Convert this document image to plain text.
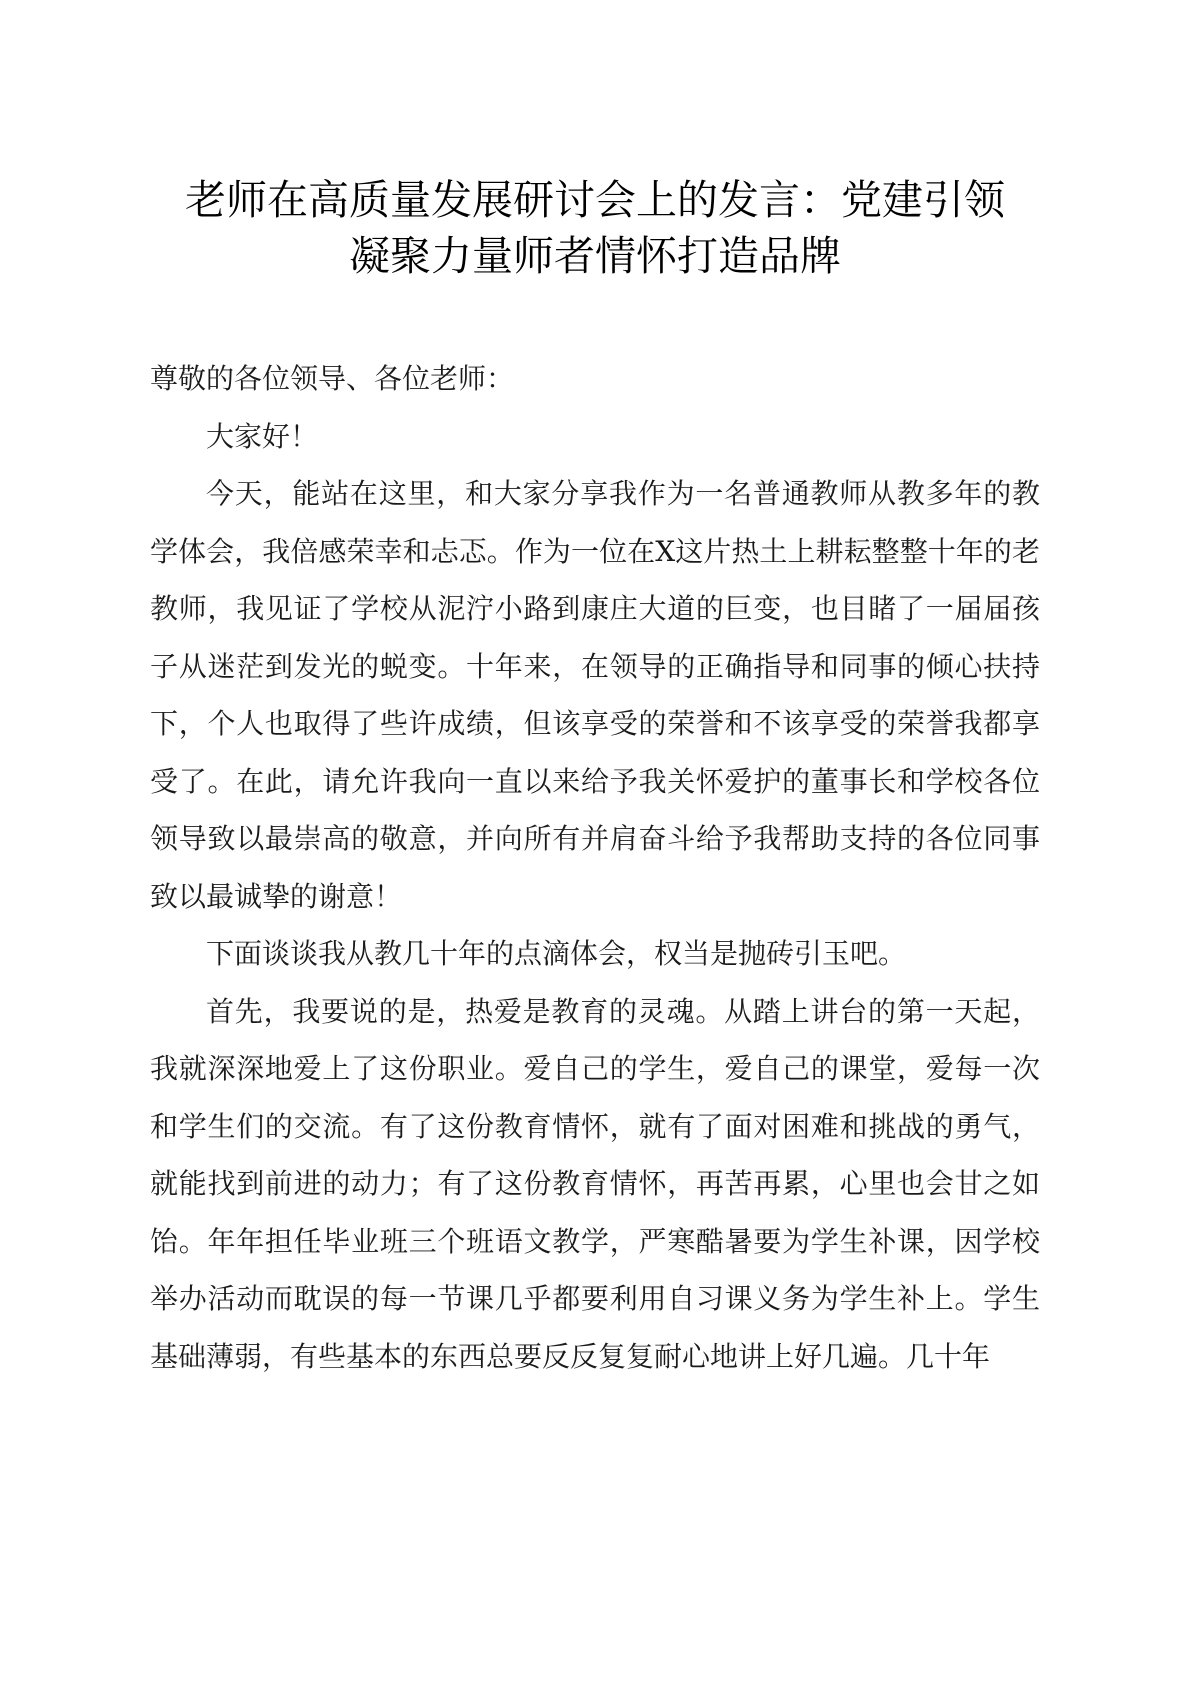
老师在高质量发展研讨会上的发言：党建引领
凝聚力量师者情怀打造品牌

尊敬的各位领导、各位老师：

大家好！

今天，能站在这里，和大家分享我作为一名普通教师从教多年的教学体会，我倍感荣幸和忐忑。作为一位在X这片热土上耕耘整整十年的老教师，我见证了学校从泥泞小路到康庄大道的巨变，也目睹了一届届孩子从迷茫到发光的蜕变。十年来，在领导的正确指导和同事的倾心扶持下，个人也取得了些许成绩，但该享受的荣誉和不该享受的荣誉我都享受了。在此，请允许我向一直以来给予我关怀爱护的董事长和学校各位领导致以最崇高的敬意，并向所有并肩奋斗给予我帮助支持的各位同事致以最诚挚的谢意！

下面谈谈我从教几十年的点滴体会，权当是抛砖引玉吧。

首先，我要说的是，热爱是教育的灵魂。从踏上讲台的第一天起，我就深深地爱上了这份职业。爱自己的学生，爱自己的课堂，爱每一次和学生们的交流。有了这份教育情怀，就有了面对困难和挑战的勇气，就能找到前进的动力；有了这份教育情怀，再苦再累，心里也会甘之如饴。年年担任毕业班三个班语文教学，严寒酷暑要为学生补课，因学校举办活动而耽误的每一节课几乎都要利用自习课义务为学生补上。学生基础薄弱，有些基本的东西总要反反复复耐心地讲上好几遍。几十年
